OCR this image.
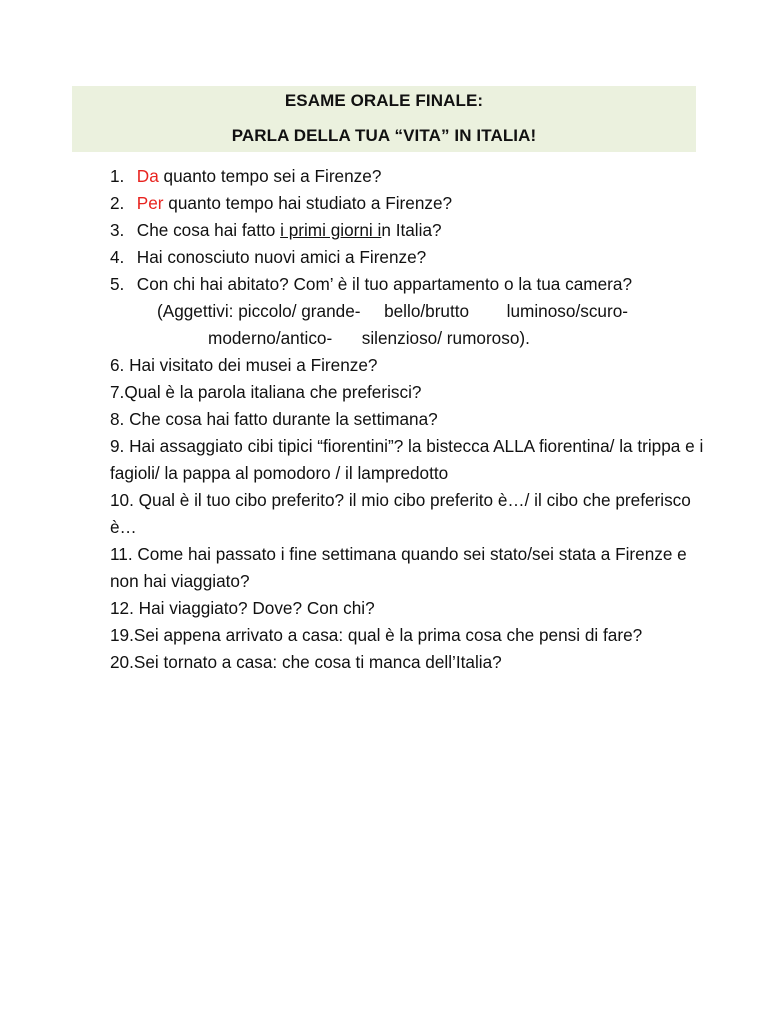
ESAME ORALE FINALE:
PARLA DELLA TUA “VITA” IN ITALIA!
1. Da quanto tempo sei a Firenze?
2. Per quanto tempo hai studiato a Firenze?
3. Che cosa hai fatto i primi giorni in Italia?
4. Hai conosciuto nuovi amici a Firenze?
5. Con chi hai abitato? Com’ è il tuo appartamento o la tua camera?
(Aggettivi: piccolo/ grande- bello/brutto luminoso/scuro-
moderno/antico- silenzioso/ rumoroso).
6. Hai visitato dei musei a Firenze?
7.Qual è la parola italiana che preferisci?
8. Che cosa hai fatto durante la settimana?
9. Hai assaggiato cibi tipici “fiorentini”? la bistecca ALLA fiorentina/ la trippa e i fagioli/ la pappa al pomodoro / il lampredotto
10. Qual è il tuo cibo preferito? il mio cibo preferito è…/ il cibo che preferisco è…
11. Come hai passato i fine settimana quando sei stato/sei stata a Firenze e non hai viaggiato?
12. Hai viaggiato? Dove? Con chi?
19.Sei appena arrivato a casa: qual è la prima cosa che pensi di fare?
20.Sei tornato a casa: che cosa ti manca dell’Italia?
